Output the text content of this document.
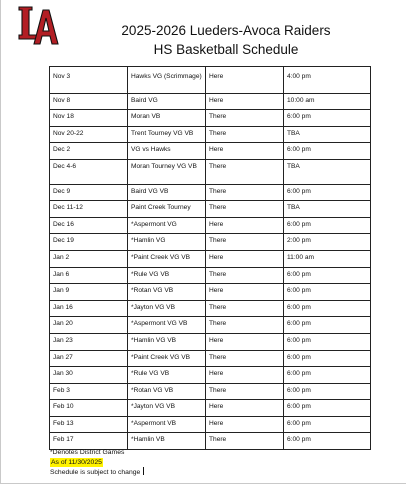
2025-2026 Lueders-Avoca Raiders
HS Basketball Schedule
Nov 3	Hawks VG (Scrimmage)	Here	4:00 pm
Nov 8	Baird VG	Here	10:00 am
Nov 18	Moran VB	There	6:00 pm
Nov 20-22	Trent Tourney VG VB	There	TBA
Dec 2	VG vs Hawks	Here	6:00 pm
Dec 4-6	Moran Tourney VG VB	There	TBA
Dec 9	Baird VG VB	There	6:00 pm
Dec 11-12	Paint Creek Tourney	There	TBA
Dec 16	*Aspermont VG	Here	6:00 pm
Dec 19	*Hamlin VG	There	2:00 pm
Jan 2	*Paint Creek VG VB	Here	11:00 am
Jan 6	*Rule VG VB	There	6:00 pm
Jan 9	*Rotan VG VB	Here	6:00 pm
Jan 16	*Jayton VG VB	There	6:00 pm
Jan 20	*Aspermont VG VB	There	6:00 pm
Jan 23	*Hamlin VG VB	Here	6:00 pm
Jan 27	*Paint Creek VG VB	There	6:00 pm
Jan 30	*Rule VG VB	Here	6:00 pm
Feb 3	*Rotan VG VB	There	6:00 pm
Feb 10	*Jayton VG VB	Here	6:00 pm
Feb 13	*Aspermont VB	Here	6:00 pm
Feb 17	*Hamlin VB	There	6:00 pm
*Denotes District Games
As of 11/30/2025
Schedule is subject to change
